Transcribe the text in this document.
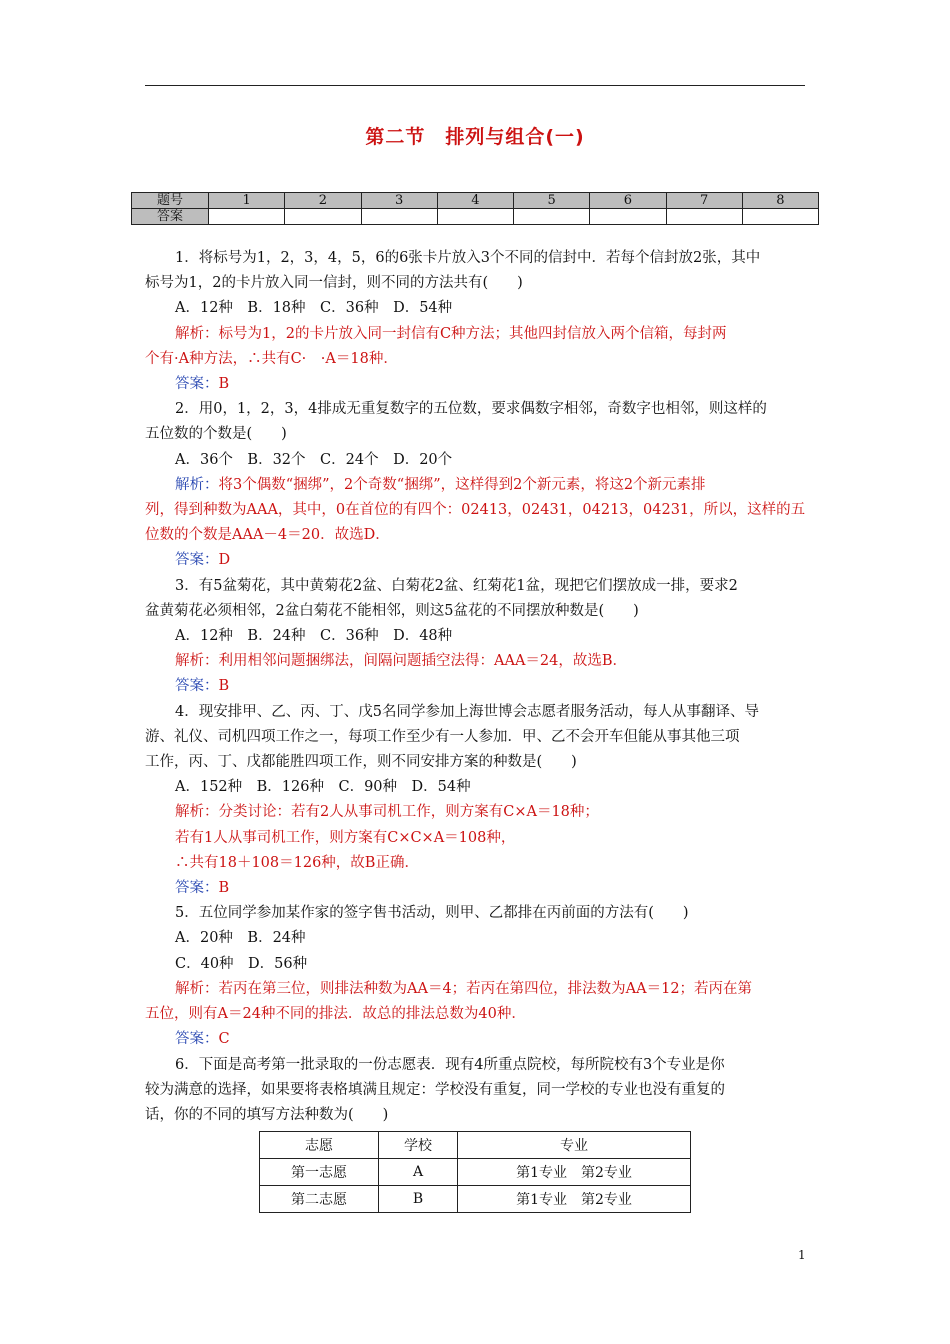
第二节　排列与组合(一)
题号	1	2	3	4	5	6	7	8
答案								

1．将标号为1，2，3，4，5，6的6张卡片放入3个不同的信封中．若每个信封放2张，其中

标号为1，2的卡片放入同一信封，则不同的方法共有(　　)

A．12种　B．18种　C．36种　D．54种

解析：标号为1，2的卡片放入同一封信有C种方法；其他四封信放入两个信箱，每封两

个有·A种方法，∴共有C·　·A＝18种．

答案：B

2．用0，1，2，3，4排成无重复数字的五位数，要求偶数字相邻，奇数字也相邻，则这样的

五位数的个数是(　　)

A．36个　B．32个　C．24个　D．20个

解析：将3个偶数“捆绑”，2个奇数“捆绑”，这样得到2个新元素，将这2个新元素排

列，得到种数为AAA，其中，0在首位的有四个：02413，02431，04213，04231，所以，这样的五

位数的个数是AAA－4＝20．故选D．

答案：D

3．有5盆菊花，其中黄菊花2盆、白菊花2盆、红菊花1盆，现把它们摆放成一排，要求2

盆黄菊花必须相邻，2盆白菊花不能相邻，则这5盆花的不同摆放种数是(　　)

A．12种　B．24种　C．36种　D．48种

解析：利用相邻问题捆绑法，间隔问题插空法得：AAA＝24，故选B．

答案：B

4．现安排甲、乙、丙、丁、戊5名同学参加上海世博会志愿者服务活动，每人从事翻译、导

游、礼仪、司机四项工作之一，每项工作至少有一人参加．甲、乙不会开车但能从事其他三项

工作，丙、丁、戊都能胜四项工作，则不同安排方案的种数是(　　)

A．152种　B．126种　C．90种　D．54种

解析：分类讨论：若有2人从事司机工作，则方案有C×A＝18种；

若有1人从事司机工作，则方案有C×C×A＝108种，

∴共有18＋108＝126种，故B正确．

答案：B

5．五位同学参加某作家的签字售书活动，则甲、乙都排在丙前面的方法有(　　)

A．20种　B．24种

C．40种　D．56种

解析：若丙在第三位，则排法种数为AA＝4；若丙在第四位，排法数为AA＝12；若丙在第

五位，则有A＝24种不同的排法．故总的排法总数为40种．

答案：C

6．下面是高考第一批录取的一份志愿表．现有4所重点院校，每所院校有3个专业是你

较为满意的选择，如果要将表格填满且规定：学校没有重复，同一学校的专业也没有重复的

话，你的不同的填写方法种数为(　　)

志愿	学校	专业
第一志愿	A	第1专业　第2专业
第二志愿	B	第1专业　第2专业
1
